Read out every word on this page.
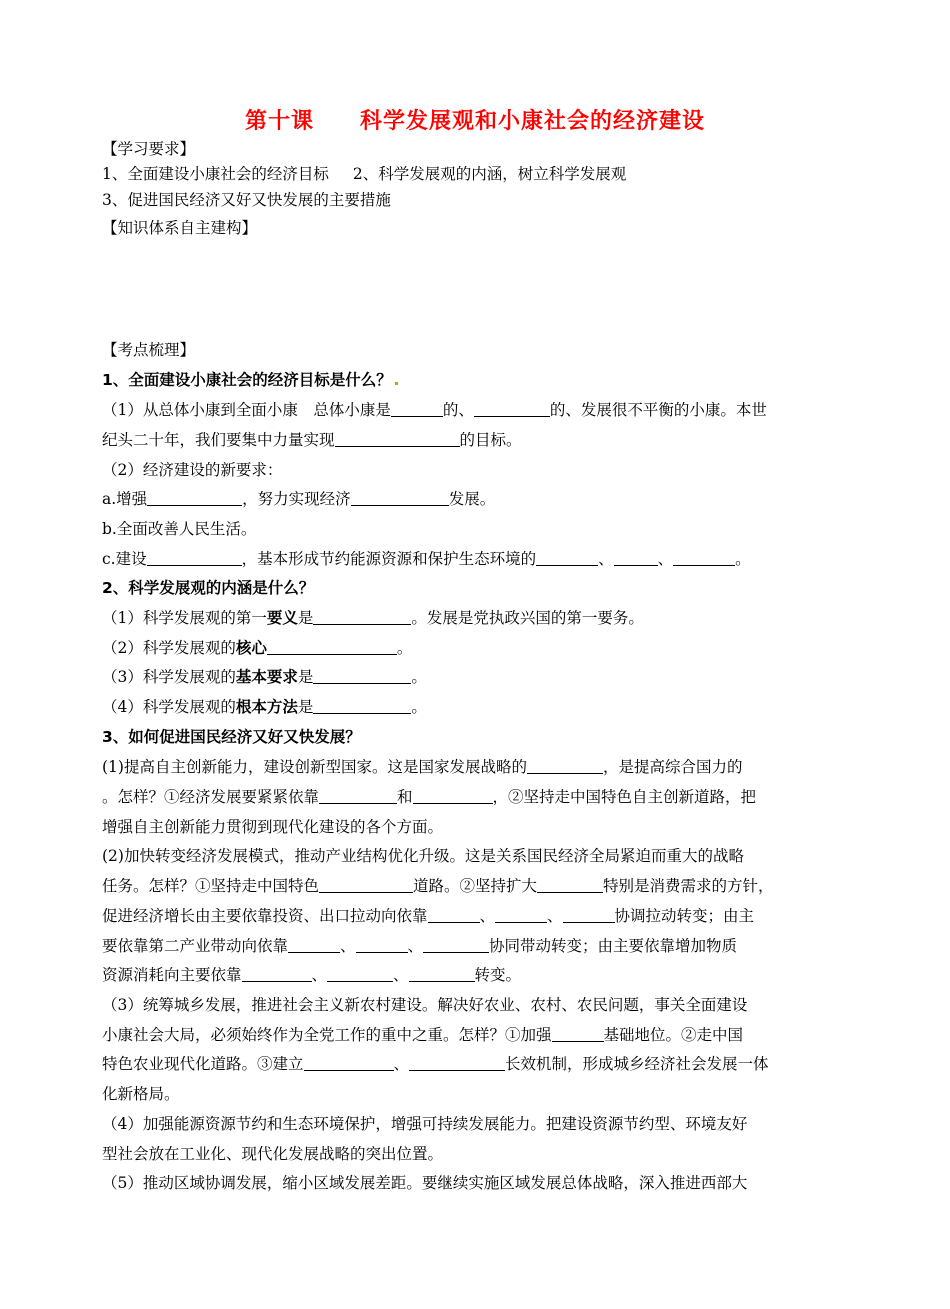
第十课　　科学发展观和小康社会的经济建设
【学习要求】
1、全面建设小康社会的经济目标 2、科学发展观的内涵，树立科学发展观
3、促进国民经济又好又快发展的主要措施
【知识体系自主建构】
【考点梳理】
1、全面建设小康社会的经济目标是什么？
（1）从总体小康到全面小康　总体小康是	的、	的、发展很不平衡的小康。本世
纪头二十年，我们要集中力量实现	的目标。
（2）经济建设的新要求：
a.增强	，努力实现经济	发展。
b.全面改善人民生活。
c.建设	，基本形成节约能源资源和保护生态环境的	、	、	。
2、科学发展观的内涵是什么？
（1）科学发展观的第一要义是	。发展是党执政兴国的第一要务。
（2）科学发展观的核心	。
（3）科学发展观的基本要求是	。
（4）科学发展观的根本方法是	。
3、如何促进国民经济又好又快发展？
(1)提高自主创新能力，建设创新型国家。这是国家发展战略的	，是提高综合国力的
。怎样？①经济发展要紧紧依靠	和	，②坚持走中国特色自主创新道路，把
增强自主创新能力贯彻到现代化建设的各个方面。
(2)加快转变经济发展模式，推动产业结构优化升级。这是关系国民经济全局紧迫而重大的战略
任务。怎样？①坚持走中国特色	道路。②坚持扩大	特别是消费需求的方针，
促进经济增长由主要依靠投资、出口拉动向依靠	、	、	协调拉动转变；由主
要依靠第二产业带动向依靠	、	、	协同带动转变；由主要依靠增加物质
资源消耗向主要依靠	、	、	转变。
（3）统筹城乡发展，推进社会主义新农村建设。解决好农业、农村、农民问题，事关全面建设
小康社会大局，必须始终作为全党工作的重中之重。怎样？①加强	基础地位。②走中国
特色农业现代化道路。③建立	、	长效机制，形成城乡经济社会发展一体
化新格局。
（4）加强能源资源节约和生态环境保护，增强可持续发展能力。把建设资源节约型、环境友好
型社会放在工业化、现代化发展战略的突出位置。
（5）推动区域协调发展，缩小区域发展差距。要继续实施区域发展总体战略，深入推进西部大
